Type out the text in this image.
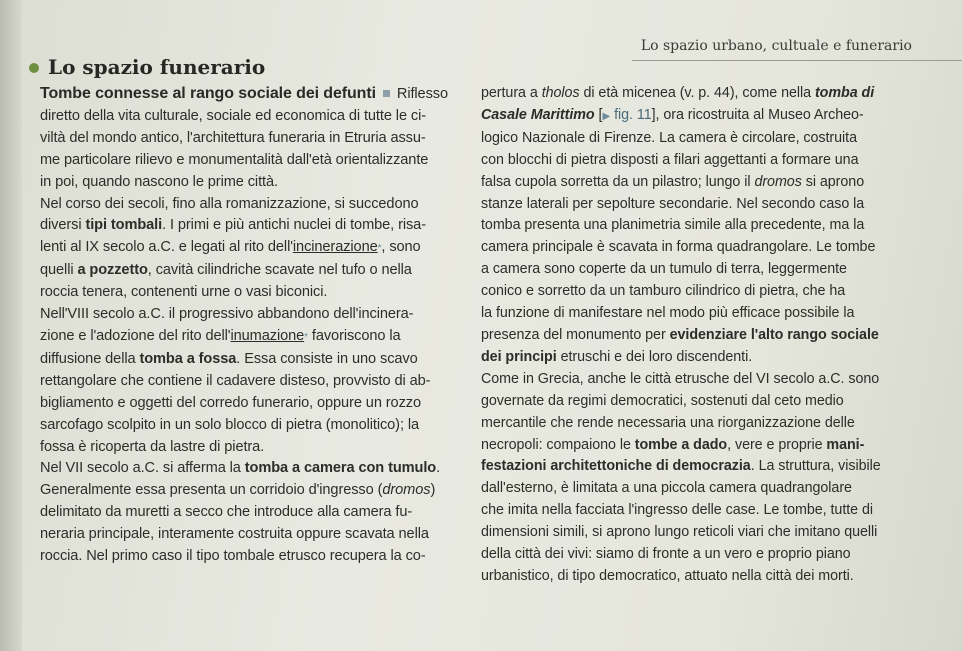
Lo spazio urbano, cultuale e funerario
Lo spazio funerario

Tombe connesse al rango sociale dei defunti Riflesso

diretto della vita culturale, sociale ed economica di tutte le ci-

viltà del mondo antico, l'architettura funeraria in Etruria assu-

me particolare rilievo e monumentalità dall'età orientalizzante

in poi, quando nascono le prime città.

Nel corso dei secoli, fino alla romanizzazione, si succedono

diversi tipi tombali. I primi e più antichi nuclei di tombe, risa-

lenti al IX secolo a.C. e legati al rito dell'incinerazione*, sono

quelli a pozzetto, cavità cilindriche scavate nel tufo o nella

roccia tenera, contenenti urne o vasi biconici.

Nell'VIII secolo a.C. il progressivo abbandono dell'incinera-

zione e l'adozione del rito dell'inumazione* favoriscono la

diffusione della tomba a fossa. Essa consiste in uno scavo

rettangolare che contiene il cadavere disteso, provvisto di ab-

bigliamento e oggetti del corredo funerario, oppure un rozzo

sarcofago scolpito in un solo blocco di pietra (monolitico); la

fossa è ricoperta da lastre di pietra.

Nel VII secolo a.C. si afferma la tomba a camera con tumulo.

Generalmente essa presenta un corridoio d'ingresso (dromos)

delimitato da muretti a secco che introduce alla camera fu-

neraria principale, interamente costruita oppure scavata nella

roccia. Nel primo caso il tipo tombale etrusco recupera la co-

pertura a tholos di età micenea (v. p. 44), come nella tomba di

Casale Marittimo [▶ fig. 11], ora ricostruita al Museo Archeo-

logico Nazionale di Firenze. La camera è circolare, costruita

con blocchi di pietra disposti a filari aggettanti a formare una

falsa cupola sorretta da un pilastro; lungo il dromos si aprono

stanze laterali per sepolture secondarie. Nel secondo caso la

tomba presenta una planimetria simile alla precedente, ma la

camera principale è scavata in forma quadrangolare. Le tombe

a camera sono coperte da un tumulo di terra, leggermente

conico e sorretto da un tamburo cilindrico di pietra, che ha

la funzione di manifestare nel modo più efficace possibile la

presenza del monumento per evidenziare l'alto rango sociale

dei principi etruschi e dei loro discendenti.

Come in Grecia, anche le città etrusche del VI secolo a.C. sono

governate da regimi democratici, sostenuti dal ceto medio

mercantile che rende necessaria una riorganizzazione delle

necropoli: compaiono le tombe a dado, vere e proprie mani-

festazioni architettoniche di democrazia. La struttura, visibile

dall'esterno, è limitata a una piccola camera quadrangolare

che imita nella facciata l'ingresso delle case. Le tombe, tutte di

dimensioni simili, si aprono lungo reticoli viari che imitano quelli

della città dei vivi: siamo di fronte a un vero e proprio piano

urbanistico, di tipo democratico, attuato nella città dei morti.
